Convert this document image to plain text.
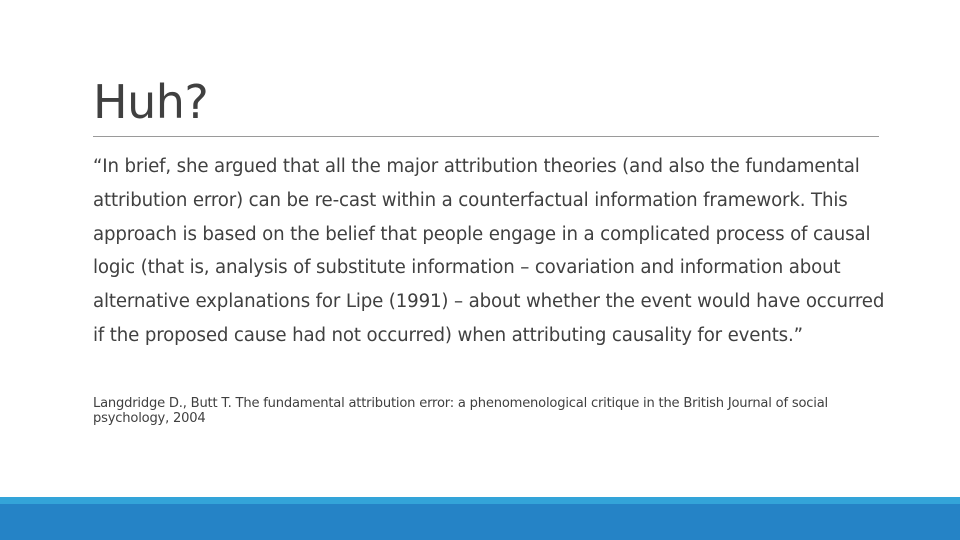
Huh?

“In brief, she argued that all the major attribution theories (and also the fundamental attribution error) can be re-cast within a counterfactual information framework. This approach is based on the belief that people engage in a complicated process of causal logic (that is, analysis of substitute information – covariation and information about alternative explanations for Lipe (1991) – about whether the event would have occurred if the proposed cause had not occurred) when attributing causality for events.”

Langdridge D., Butt T. The fundamental attribution error: a phenomenological critique in the British Journal of social psychology, 2004
